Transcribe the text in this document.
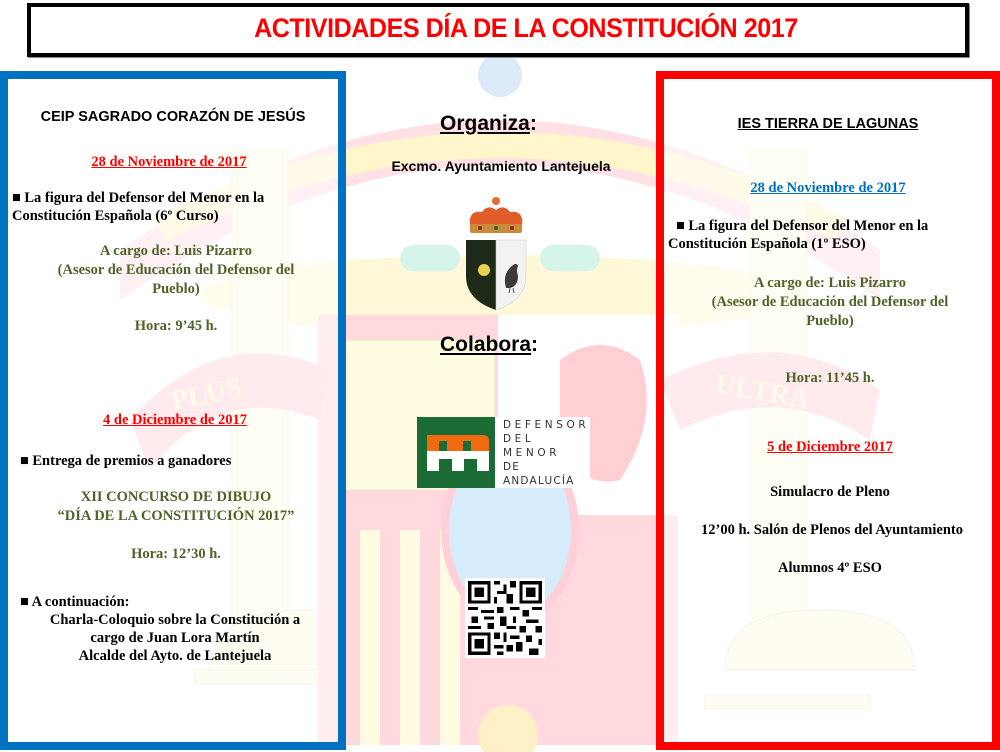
ACTIVIDADES DÍA DE LA CONSTITUCIÓN 2017
CEIP SAGRADO CORAZÓN DE JESÚS
28 de Noviembre de 2017
■ La figura del Defensor del Menor en la
Constitución Española (6º Curso)
A cargo de: Luis Pizarro
(Asesor de Educación del Defensor del
Pueblo)
Hora: 9’45 h.
4 de Diciembre de 2017
■ Entrega de premios a ganadores
XII CONCURSO DE DIBUJO
“DÍA DE LA CONSTITUCIÓN 2017”
Hora: 12’30 h.
■ A continuación:
Charla-Coloquio sobre la Constitución a
cargo de Juan Lora Martín
Alcalde del Ayto. de Lantejuela
Organiza:
Excmo. Ayuntamiento Lantejuela
Colabora:
DEFENSOR
DEL MENOR
DE ANDALUCÍA
IES TIERRA DE LAGUNAS
28 de Noviembre de 2017
■ La figura del Defensor del Menor en la
Constitución Española (1º ESO)
A cargo de: Luis Pizarro
(Asesor de Educación del Defensor del
Pueblo)
Hora: 11’45 h.
5 de Diciembre 2017
Simulacro de Pleno
12’00 h. Salón de Plenos del Ayuntamiento
Alumnos 4º ESO
